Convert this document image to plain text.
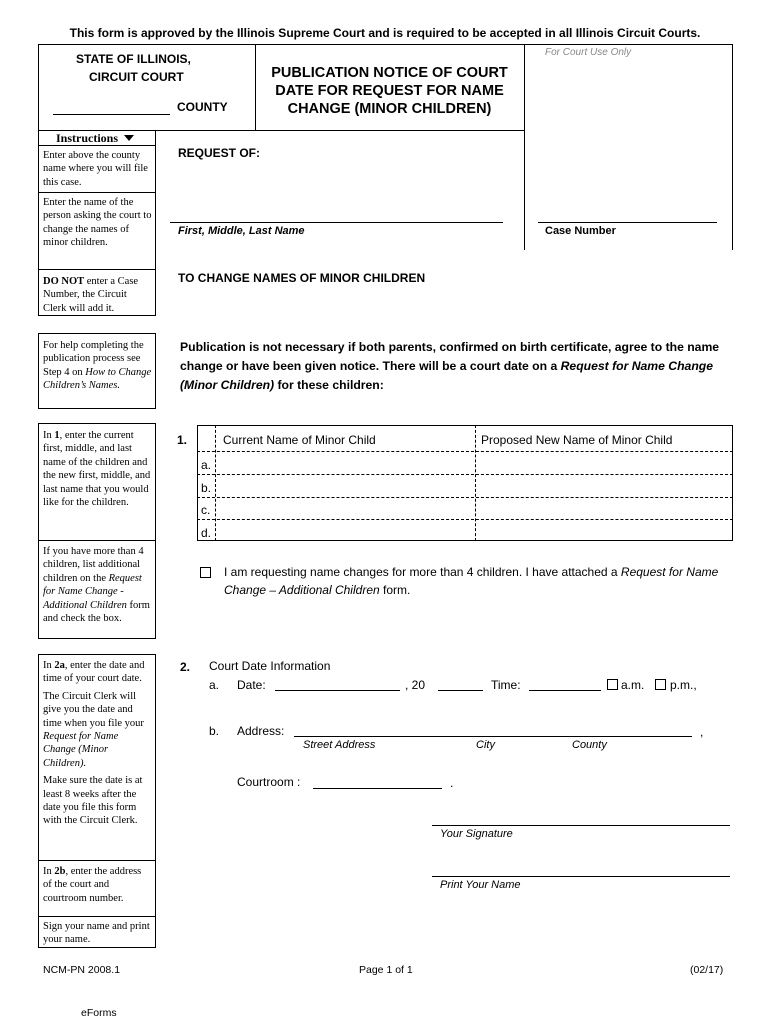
This form is approved by the Illinois Supreme Court and is required to be accepted in all Illinois Circuit Courts.
For Court Use Only
STATE OF ILLINOIS,
CIRCUIT COURT
COUNTY
PUBLICATION NOTICE OF COURT
DATE FOR REQUEST FOR NAME
CHANGE (MINOR CHILDREN)
Instructions
Enter above the county name where you will file this case.
Enter the name of the person asking the court to change the names of minor children.
DO NOT enter a Case Number, the Circuit Clerk will add it.
REQUEST OF:
First, Middle, Last Name	Case Number
TO CHANGE NAMES OF MINOR CHILDREN
For help completing the publication process see Step 4 on How to Change Children’s Names.
In 1, enter the current first, middle, and last name of the children and the new first, middle, and last name that you would like for the children.
If you have more than 4 children, list additional children on the Request for Name Change - Additional Children form and check the box.
In 2a, enter the date and time of your court date.
The Circuit Clerk will give you the date and time when you file your Request for Name Change (Minor Children).
Make sure the date is at least 8 weeks after the date you file this form with the Circuit Clerk.
In 2b, enter the address of the court and courtroom number.
Sign your name and print your name.
Publication is not necessary if both parents, confirmed on birth certificate, agree to the name change or have been given notice. There will be a court date on a Request for Name Change (Minor Children) for these children:
1.	Current Name of Minor Child	Proposed New Name of Minor Child
a.
b.
c.
d.
I am requesting name changes for more than 4 children. I have attached a Request for Name Change – Additional Children form.
2. Court Date Information
a. Date:	, 20	Time:	a.m. p.m.,
b. Address:	,
Street Address	City	County
Courtroom :	.
Your Signature
Print Your Name
NCM-PN 2008.1	Page 1 of 1	(02/17)
eForms
